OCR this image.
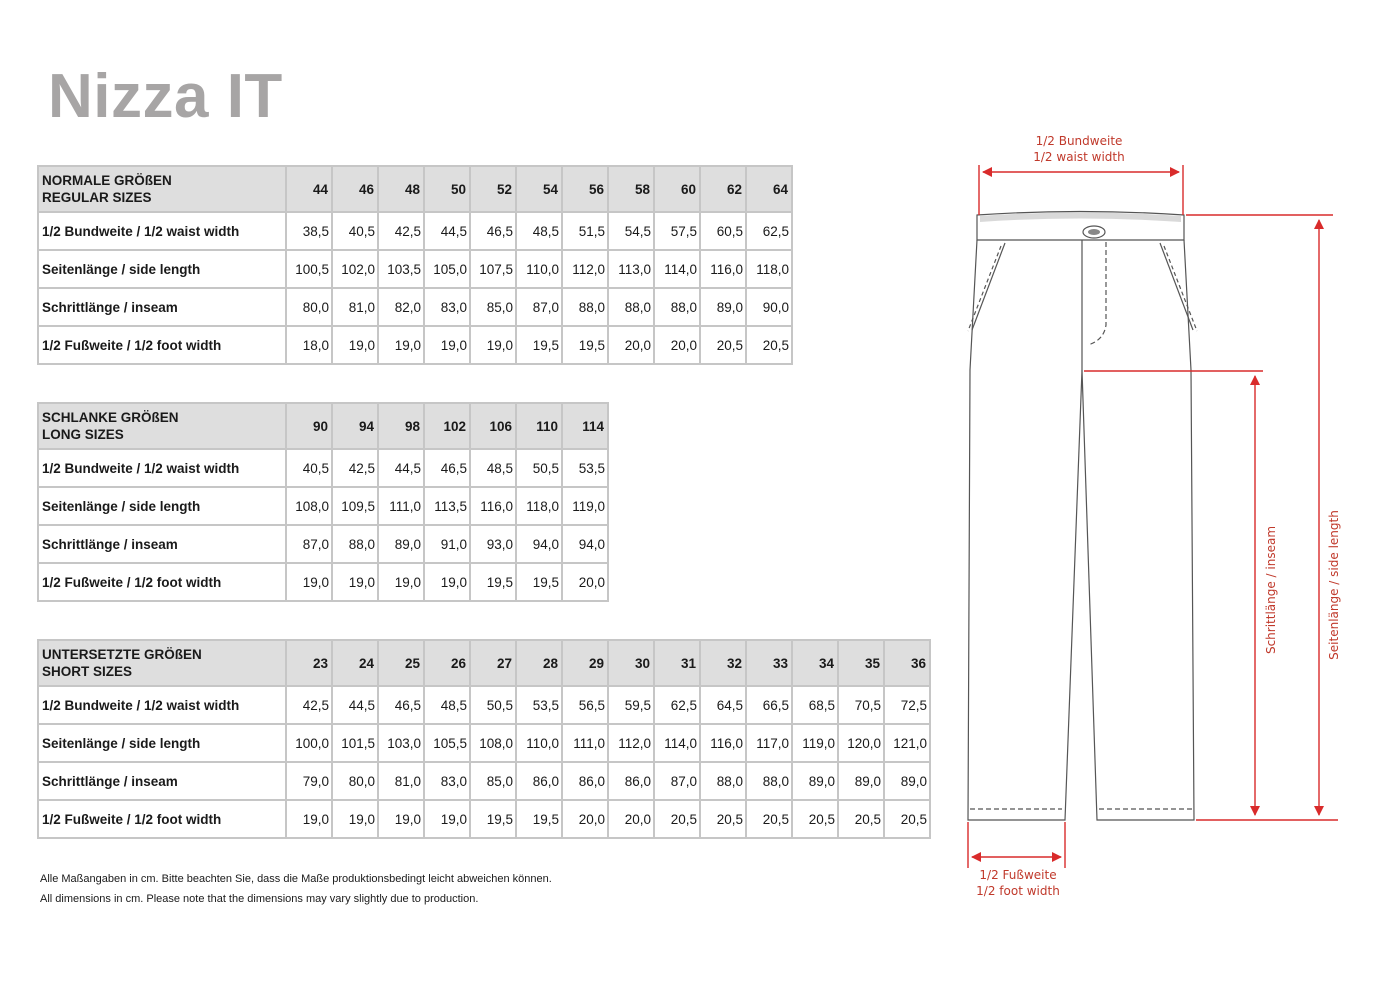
Nizza IT
NORMALE GRÖßEN
REGULAR SIZES	44	46	48	50	52	54	56	58	60	62	64
1/2 Bundweite / 1/2 waist width	38,5	40,5	42,5	44,5	46,5	48,5	51,5	54,5	57,5	60,5	62,5
Seitenlänge / side length	100,5	102,0	103,5	105,0	107,5	110,0	112,0	113,0	114,0	116,0	118,0
Schrittlänge / inseam	80,0	81,0	82,0	83,0	85,0	87,0	88,0	88,0	88,0	89,0	90,0
1/2 Fußweite / 1/2 foot width	18,0	19,0	19,0	19,0	19,0	19,5	19,5	20,0	20,0	20,5	20,5
SCHLANKE GRÖßEN
LONG SIZES	90	94	98	102	106	110	114
1/2 Bundweite / 1/2 waist width	40,5	42,5	44,5	46,5	48,5	50,5	53,5
Seitenlänge / side length	108,0	109,5	111,0	113,5	116,0	118,0	119,0
Schrittlänge / inseam	87,0	88,0	89,0	91,0	93,0	94,0	94,0
1/2 Fußweite / 1/2 foot width	19,0	19,0	19,0	19,0	19,5	19,5	20,0
UNTERSETZTE GRÖßEN
SHORT SIZES	23	24	25	26	27	28	29	30	31	32	33	34	35	36
1/2 Bundweite / 1/2 waist width	42,5	44,5	46,5	48,5	50,5	53,5	56,5	59,5	62,5	64,5	66,5	68,5	70,5	72,5
Seitenlänge / side length	100,0	101,5	103,0	105,5	108,0	110,0	111,0	112,0	114,0	116,0	117,0	119,0	120,0	121,0
Schrittlänge / inseam	79,0	80,0	81,0	83,0	85,0	86,0	86,0	86,0	87,0	88,0	88,0	89,0	89,0	89,0
1/2 Fußweite / 1/2 foot width	19,0	19,0	19,0	19,0	19,5	19,5	20,0	20,0	20,5	20,5	20,5	20,5	20,5	20,5
Alle Maßangaben in cm. Bitte beachten Sie, dass die Maße produktionsbedingt leicht abweichen können.
All dimensions in cm. Please note that the dimensions may vary slightly due to production.
1/2 Bundweite
1/2 waist width
1/2 Fußweite
1/2 foot width
Schrittlänge / inseam	Seitenlänge / side length
